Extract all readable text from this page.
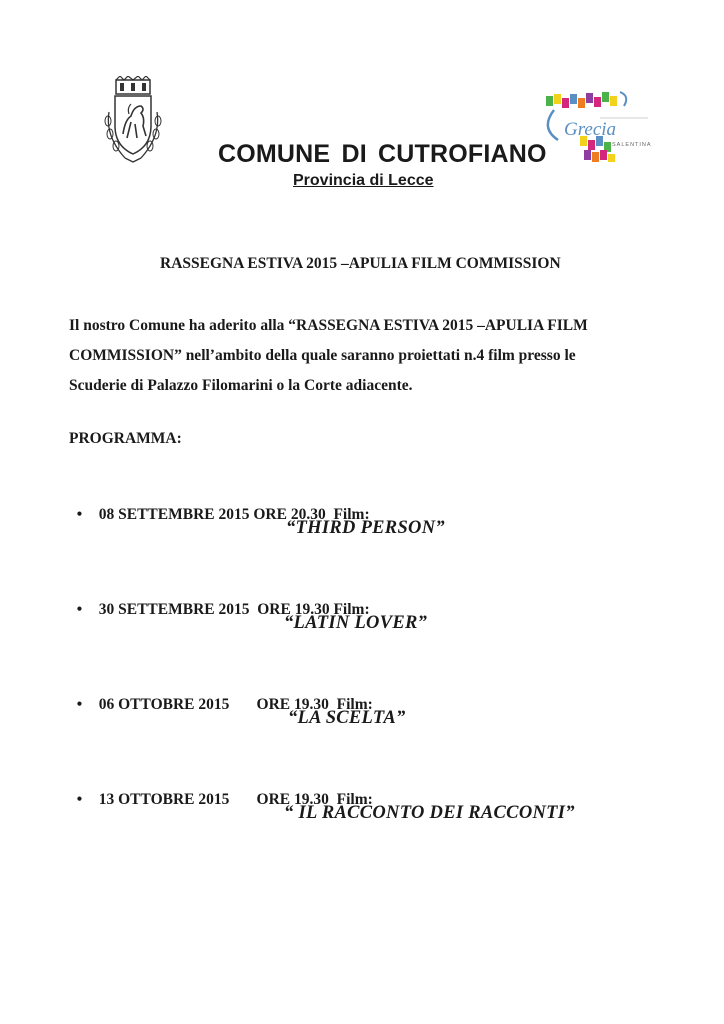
Grecia
SALENTINA
COMUNE DI CUTROFIANO
Provincia di Lecce
RASSEGNA ESTIVA 2015 –APULIA FILM COMMISSION
Il nostro Comune ha aderito alla “RASSEGNA ESTIVA 2015 –APULIA FILM
COMMISSION” nell’ambito della quale saranno proiettati n.4 film presso le
Scuderie di Palazzo Filomarini o la Corte adiacente.
PROGRAMMA:

• 08 SETTEMBRE 2015 ORE 20.30  Film:

“THIRD PERSON”

• 30 SETTEMBRE 2015 ORE 19.30 Film:

“LATIN LOVER”

• 06 OTTOBRE 2015 ORE 19.30  Film:

“LA SCELTA”

• 13 OTTOBRE 2015 ORE 19.30  Film:

“ IL RACCONTO DEI RACCONTI”
